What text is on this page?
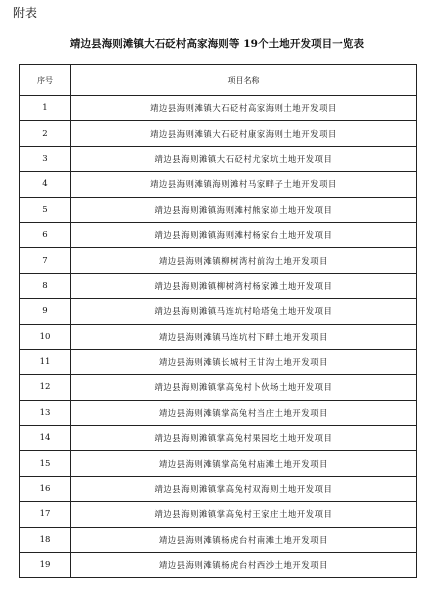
附表
靖边县海则滩镇大石砭村高家海则等 19个土地开发项目一览表
序号	项目名称
1	靖边县海则滩镇大石砭村高家海则土地开发项目
2	靖边县海则滩镇大石砭村康家海则土地开发项目
3	靖边县海则滩镇大石砭村尤家坑土地开发项目
4	靖边县海则滩镇海则滩村马家畔子土地开发项目
5	靖边县海则滩镇海则滩村熊家峁土地开发项目
6	靖边县海则滩镇海则滩村杨家台土地开发项目
7	靖边县海则滩镇柳树湾村前沟土地开发项目
8	靖边县海则滩镇柳树湾村杨家滩土地开发项目
9	靖边县海则滩镇马连坑村哈塔兔土地开发项目
10	靖边县海则滩镇马连坑村下畔土地开发项目
11	靖边县海则滩镇长城村王甘沟土地开发项目
12	靖边县海则滩镇掌高兔村卜伙场土地开发项目
13	靖边县海则滩镇掌高兔村当庄土地开发项目
14	靖边县海则滩镇掌高兔村果园圪土地开发项目
15	靖边县海则滩镇掌高兔村庙滩土地开发项目
16	靖边县海则滩镇掌高兔村双海则土地开发项目
17	靖边县海则滩镇掌高兔村王家庄土地开发项目
18	靖边县海则滩镇杨虎台村南滩土地开发项目
19	靖边县海则滩镇杨虎台村西沙土地开发项目
